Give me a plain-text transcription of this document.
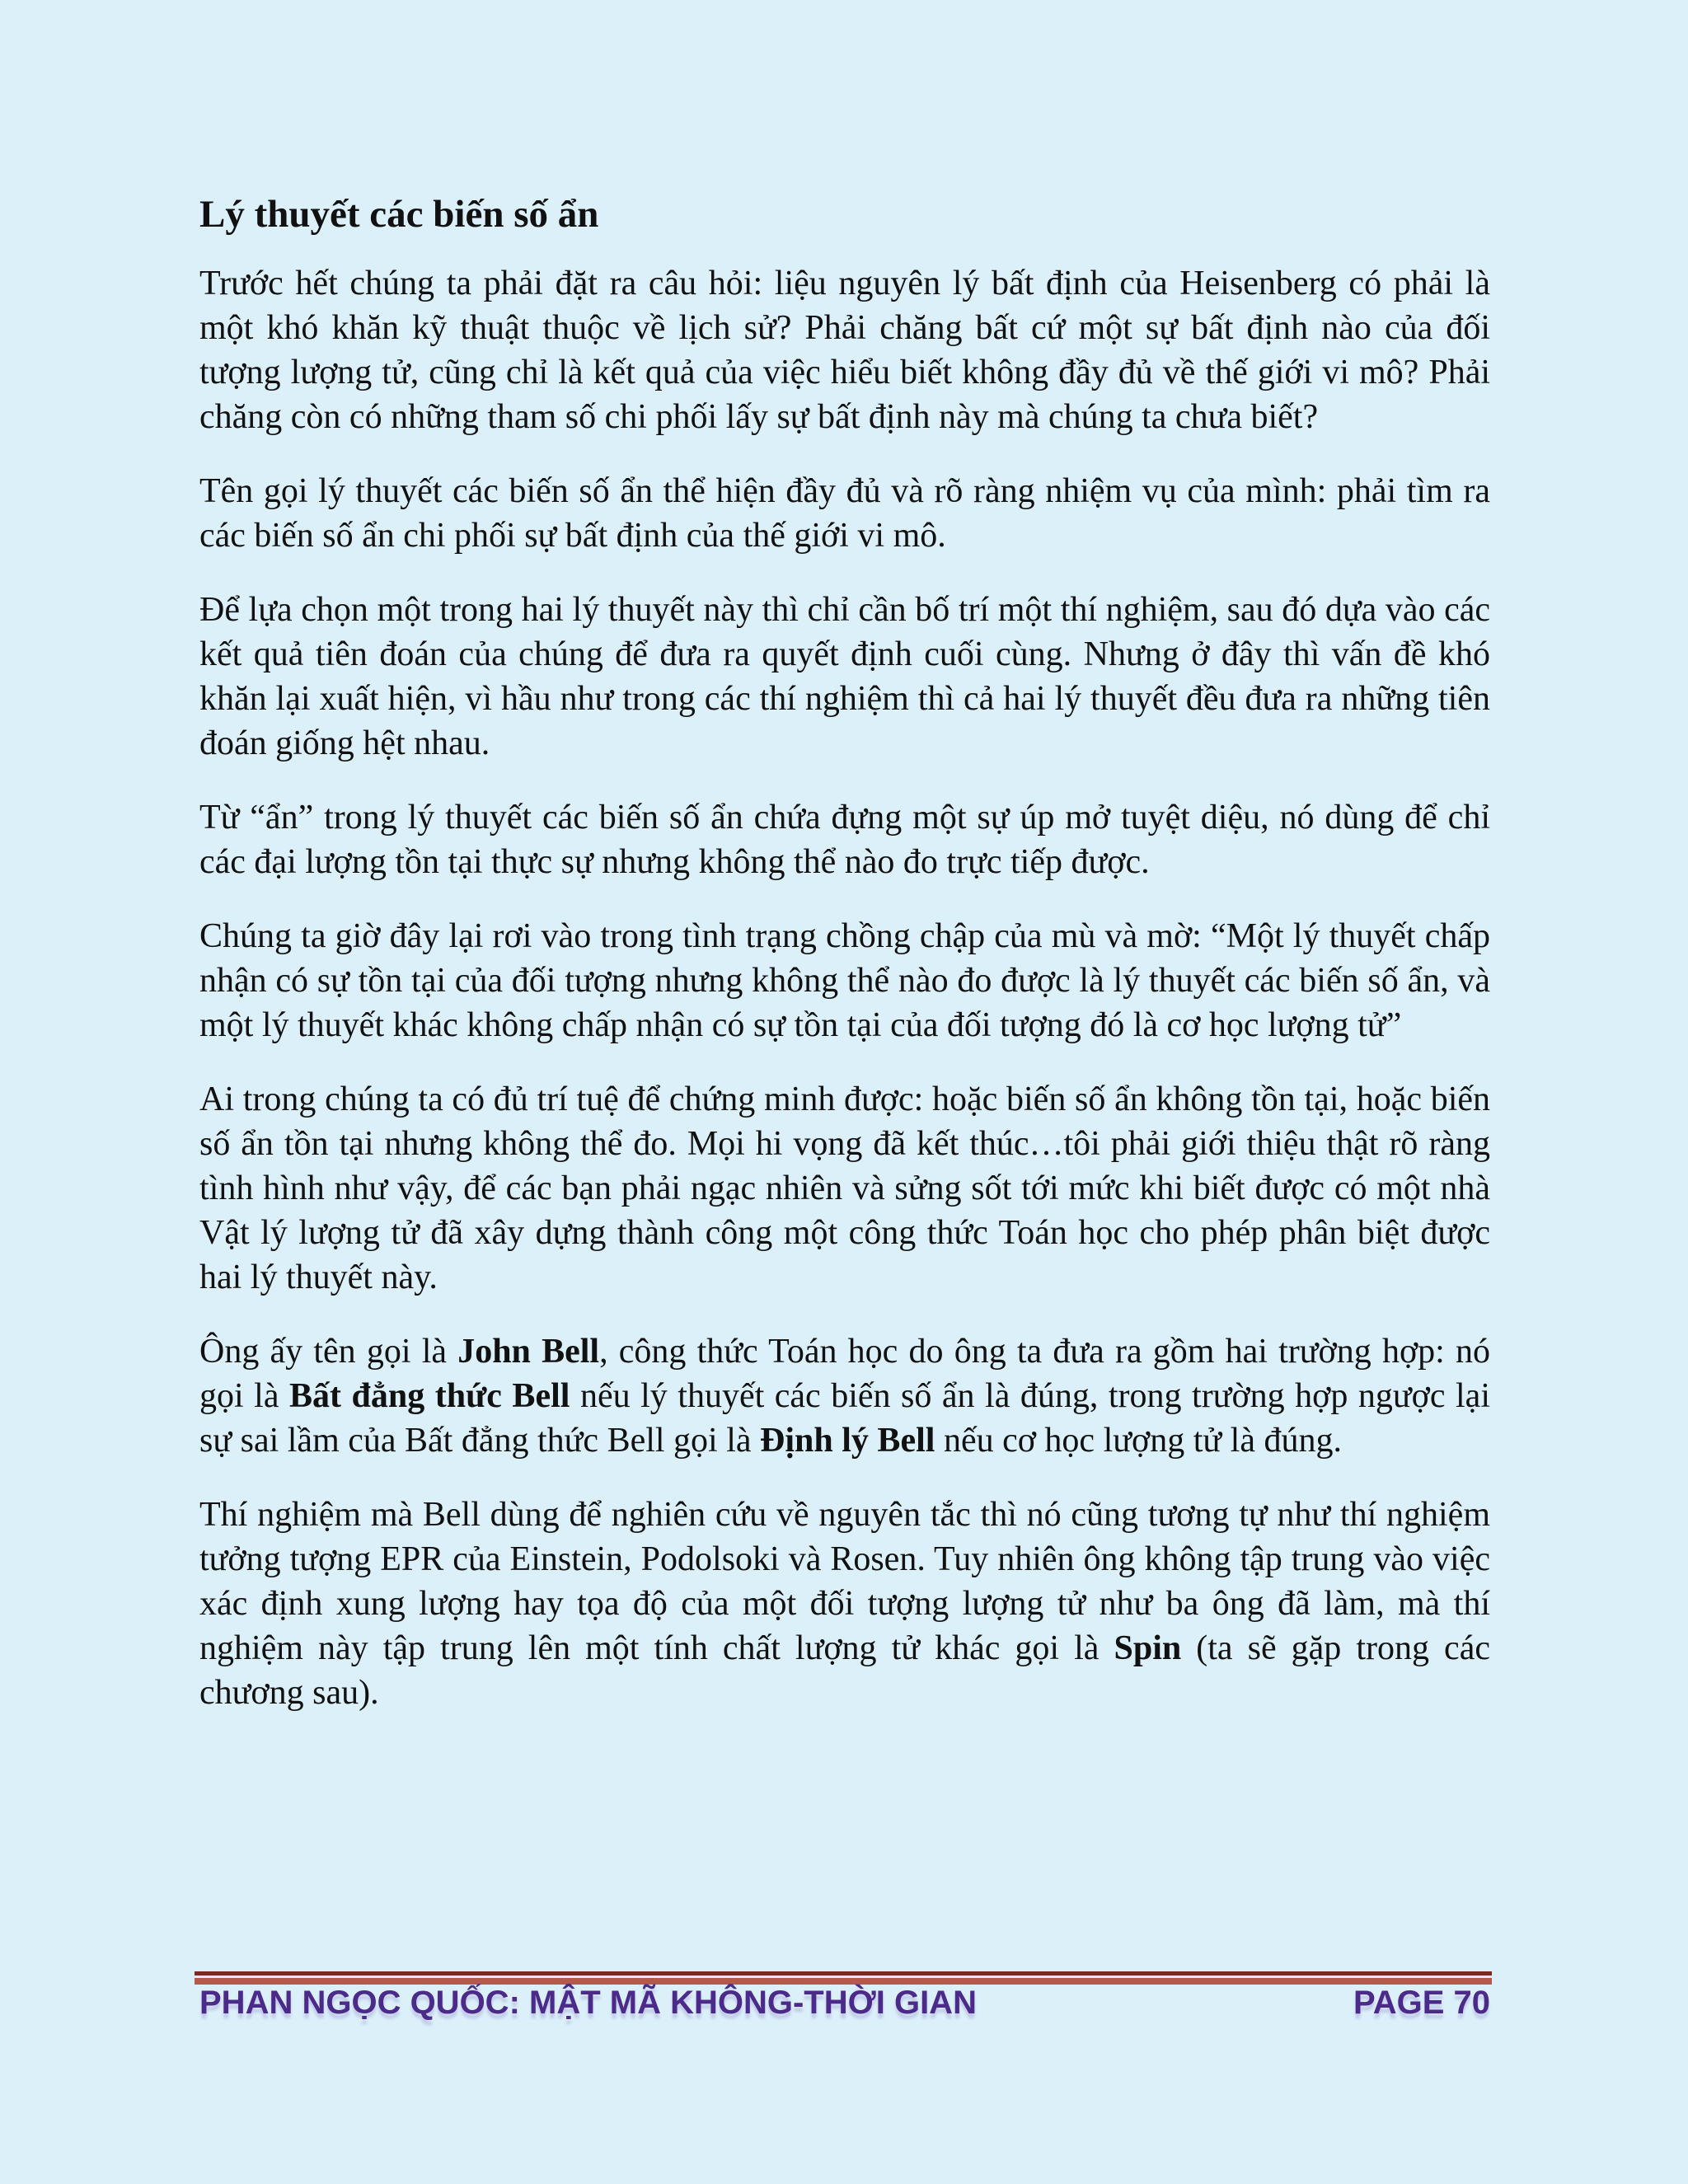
Lý thuyết các biến số ẩn

Trước hết chúng ta phải đặt ra câu hỏi: liệu nguyên lý bất định của Heisenberg có phải là một khó khăn kỹ thuật thuộc về lịch sử? Phải chăng bất cứ một sự bất định nào của đối tượng lượng tử, cũng chỉ là kết quả của việc hiểu biết không đầy đủ về thế giới vi mô? Phải chăng còn có những tham số chi phối lấy sự bất định này mà chúng ta chưa biết?

Tên gọi lý thuyết các biến số ẩn thể hiện đầy đủ và rõ ràng nhiệm vụ của mình: phải tìm ra các biến số ẩn chi phối sự bất định của thế giới vi mô.

Để lựa chọn một trong hai lý thuyết này thì chỉ cần bố trí một thí nghiệm, sau đó dựa vào các kết quả tiên đoán của chúng để đưa ra quyết định cuối cùng. Nhưng ở đây thì vấn đề khó khăn lại xuất hiện, vì hầu như trong các thí nghiệm thì cả hai lý thuyết đều đưa ra những tiên đoán giống hệt nhau.

Từ “ẩn” trong lý thuyết các biến số ẩn chứa đựng một sự úp mở tuyệt diệu, nó dùng để chỉ các đại lượng tồn tại thực sự nhưng không thể nào đo trực tiếp được.

Chúng ta giờ đây lại rơi vào trong tình trạng chồng chập của mù và mờ: “Một lý thuyết chấp nhận có sự tồn tại của đối tượng nhưng không thể nào đo được là lý thuyết các biến số ẩn, và một lý thuyết khác không chấp nhận có sự tồn tại của đối tượng đó là cơ học lượng tử”

Ai trong chúng ta có đủ trí tuệ để chứng minh được: hoặc biến số ẩn không tồn tại, hoặc biến số ẩn tồn tại nhưng không thể đo. Mọi hi vọng đã kết thúc…tôi phải giới thiệu thật rõ ràng tình hình như vậy, để các bạn phải ngạc nhiên và sửng sốt tới mức khi biết được có một nhà Vật lý lượng tử đã xây dựng thành công một công thức Toán học cho phép phân biệt được hai lý thuyết này.

Ông ấy tên gọi là John Bell, công thức Toán học do ông ta đưa ra gồm hai trường hợp: nó gọi là Bất đẳng thức Bell nếu lý thuyết các biến số ẩn là đúng, trong trường hợp ngược lại sự sai lầm của Bất đẳng thức Bell gọi là Định lý Bell nếu cơ học lượng tử là đúng.

Thí nghiệm mà Bell dùng để nghiên cứu về nguyên tắc thì nó cũng tương tự như thí nghiệm tưởng tượng EPR của Einstein, Podolsoki và Rosen. Tuy nhiên ông không tập trung vào việc xác định xung lượng hay tọa độ của một đối tượng lượng tử như ba ông đã làm, mà thí nghiệm này tập trung lên một tính chất lượng tử khác gọi là Spin (ta sẽ gặp trong các chương sau).

PHAN NGỌC QUỐC: MẬT MÃ KHÔNG-THỜI GIAN	PAGE 70
